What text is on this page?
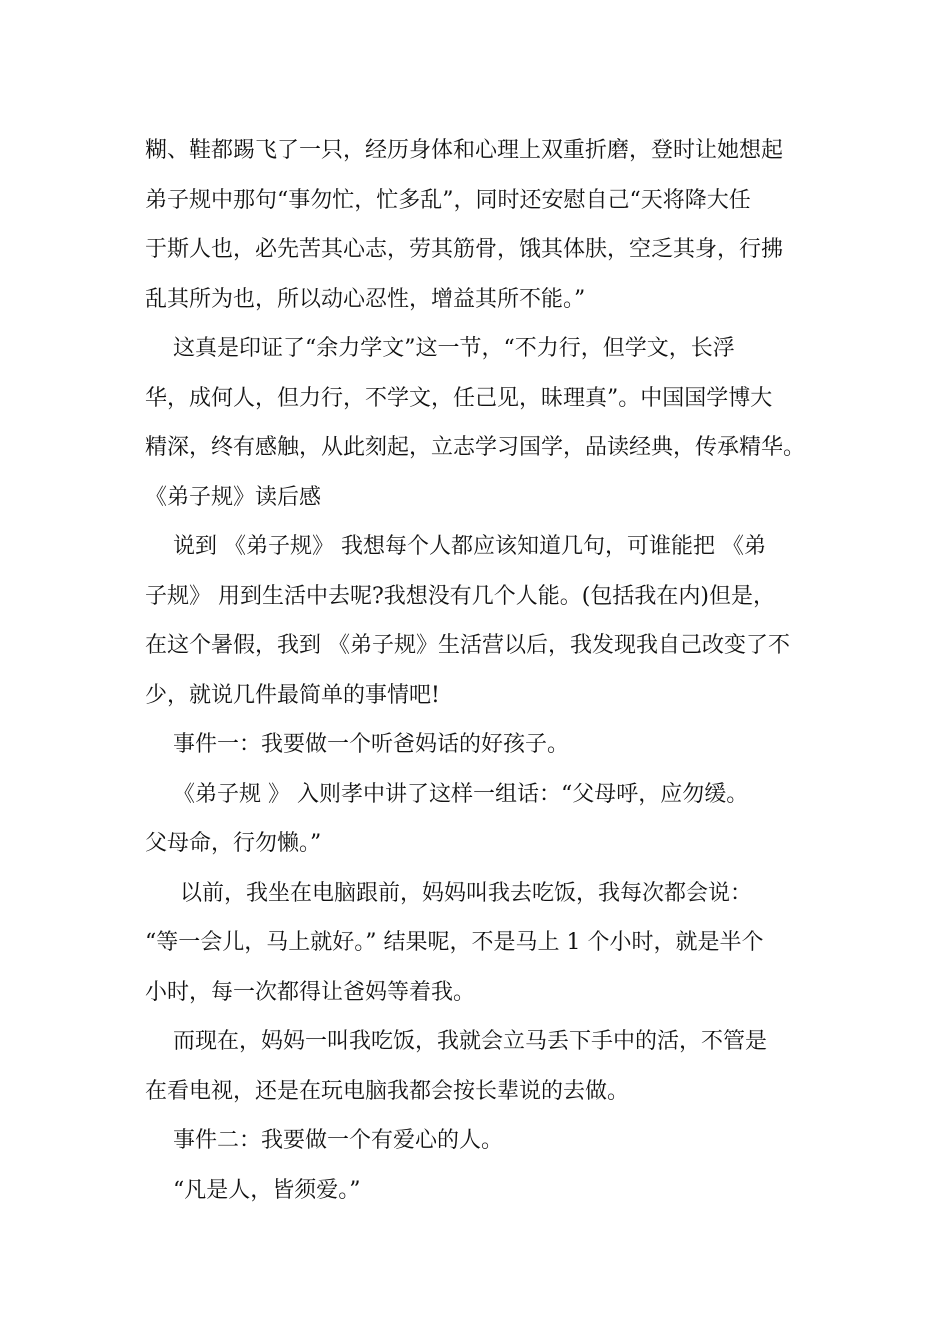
糊、鞋都踢飞了一只，经历身体和心理上双重折磨，登时让她想起
弟子规中那句“事勿忙，忙多乱”，同时还安慰自己“天将降大任
于斯人也，必先苦其心志，劳其筋骨，饿其体肤，空乏其身，行拂
乱其所为也，所以动心忍性，增益其所不能。”
这真是印证了“余力学文”这一节，“不力行，但学文，长浮
华，成何人，但力行，不学文，任己见，昧理真”。中国国学博大
精深，终有感触，从此刻起，立志学习国学，品读经典，传承精华。
《弟子规》读后感
说到 《弟子规》 我想每个人都应该知道几句，可谁能把 《弟
子规》 用到生活中去呢?我想没有几个人能。(包括我在内)但是，
在这个暑假，我到 《弟子规》生活营以后，我发现我自己改变了不
少，就说几件最简单的事情吧!
事件一：我要做一个听爸妈话的好孩子。
《弟子规 》 入则孝中讲了这样一组话：“父母呼，应勿缓。
父母命，行勿懒。”
以前，我坐在电脑跟前，妈妈叫我去吃饭，我每次都会说：
“等一会儿，马上就好。” 结果呢，不是马上 1 个小时，就是半个
小时，每一次都得让爸妈等着我。
而现在，妈妈一叫我吃饭，我就会立马丢下手中的活，不管是
在看电视，还是在玩电脑我都会按长辈说的去做。
事件二：我要做一个有爱心的人。
“凡是人，皆须爱。”
